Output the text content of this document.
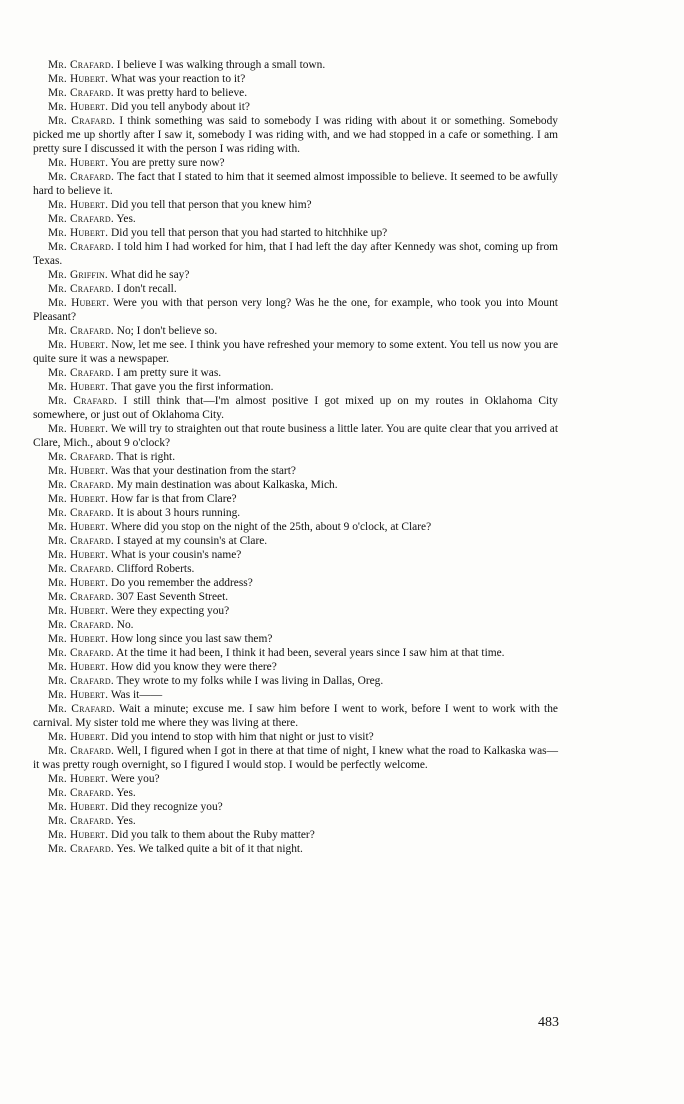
Mr. Crafard. I believe I was walking through a small town.

Mr. Hubert. What was your reaction to it?

Mr. Crafard. It was pretty hard to believe.

Mr. Hubert. Did you tell anybody about it?

Mr. Crafard. I think something was said to somebody I was riding with about it or something. Somebody picked me up shortly after I saw it, somebody I was riding with, and we had stopped in a cafe or something. I am pretty sure I discussed it with the person I was riding with.

Mr. Hubert. You are pretty sure now?

Mr. Crafard. The fact that I stated to him that it seemed almost impossible to believe. It seemed to be awfully hard to believe it.

Mr. Hubert. Did you tell that person that you knew him?

Mr. Crafard. Yes.

Mr. Hubert. Did you tell that person that you had started to hitchhike up?

Mr. Crafard. I told him I had worked for him, that I had left the day after Kennedy was shot, coming up from Texas.

Mr. Griffin. What did he say?

Mr. Crafard. I don't recall.

Mr. Hubert. Were you with that person very long? Was he the one, for example, who took you into Mount Pleasant?

Mr. Crafard. No; I don't believe so.

Mr. Hubert. Now, let me see. I think you have refreshed your memory to some extent. You tell us now you are quite sure it was a newspaper.

Mr. Crafard. I am pretty sure it was.

Mr. Hubert. That gave you the first information.

Mr. Crafard. I still think that—I'm almost positive I got mixed up on my routes in Oklahoma City somewhere, or just out of Oklahoma City.

Mr. Hubert. We will try to straighten out that route business a little later. You are quite clear that you arrived at Clare, Mich., about 9 o'clock?

Mr. Crafard. That is right.

Mr. Hubert. Was that your destination from the start?

Mr. Crafard. My main destination was about Kalkaska, Mich.

Mr. Hubert. How far is that from Clare?

Mr. Crafard. It is about 3 hours running.

Mr. Hubert. Where did you stop on the night of the 25th, about 9 o'clock, at Clare?

Mr. Crafard. I stayed at my counsin's at Clare.

Mr. Hubert. What is your cousin's name?

Mr. Crafard. Clifford Roberts.

Mr. Hubert. Do you remember the address?

Mr. Crafard. 307 East Seventh Street.

Mr. Hubert. Were they expecting you?

Mr. Crafard. No.

Mr. Hubert. How long since you last saw them?

Mr. Crafard. At the time it had been, I think it had been, several years since I saw him at that time.

Mr. Hubert. How did you know they were there?

Mr. Crafard. They wrote to my folks while I was living in Dallas, Oreg.

Mr. Hubert. Was it——

Mr. Crafard. Wait a minute; excuse me. I saw him before I went to work, before I went to work with the carnival. My sister told me where they was living at there.

Mr. Hubert. Did you intend to stop with him that night or just to visit?

Mr. Crafard. Well, I figured when I got in there at that time of night, I knew what the road to Kalkaska was—it was pretty rough overnight, so I figured I would stop. I would be perfectly welcome.

Mr. Hubert. Were you?

Mr. Crafard. Yes.

Mr. Hubert. Did they recognize you?

Mr. Crafard. Yes.

Mr. Hubert. Did you talk to them about the Ruby matter?

Mr. Crafard. Yes. We talked quite a bit of it that night.

483
